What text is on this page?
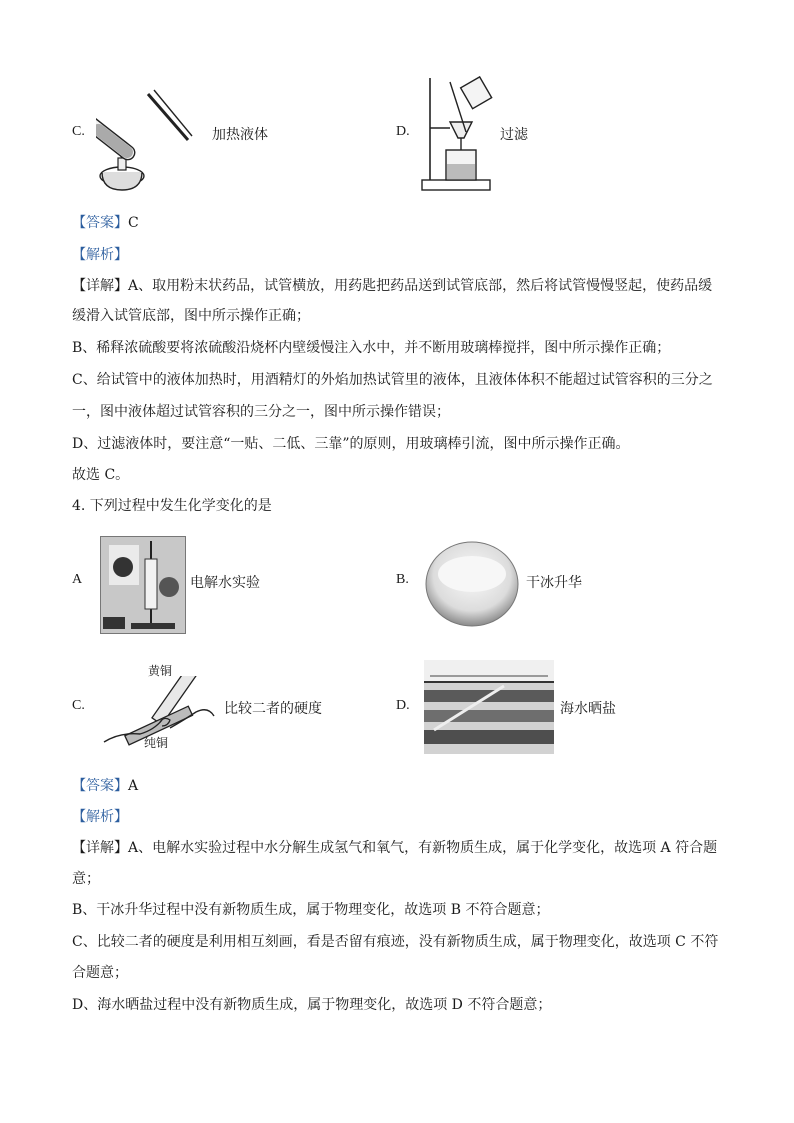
C.	加热液体	D.	过滤
【答案】C
【解析】
【详解】A、取用粉末状药品，试管横放，用药匙把药品送到试管底部，然后将试管慢慢竖起，使药品缓
缓滑入试管底部，图中所示操作正确；
B、稀释浓硫酸要将浓硫酸沿烧杯内壁缓慢注入水中，并不断用玻璃棒搅拌，图中所示操作正确；
C、给试管中的液体加热时，用酒精灯的外焰加热试管里的液体，且液体体积不能超过试管容积的三分之
一，图中液体超过试管容积的三分之一，图中所示操作错误；
D、过滤液体时，要注意“一贴、二低、三靠”的原则，用玻璃棒引流，图中所示操作正确。
故选 C。
4. 下列过程中发生化学变化的是
A	电解水实验	B.	干冰升华
C.
黄铜
纯铜
比较二者的硬度	D.	海水晒盐
【答案】A
【解析】
【详解】A、电解水实验过程中水分解生成氢气和氧气，有新物质生成，属于化学变化，故选项 A 符合题
意；
B、干冰升华过程中没有新物质生成，属于物理变化，故选项 B 不符合题意；
C、比较二者的硬度是利用相互刻画，看是否留有痕迹，没有新物质生成，属于物理变化，故选项 C 不符
合题意；
D、海水晒盐过程中没有新物质生成，属于物理变化，故选项 D 不符合题意；
